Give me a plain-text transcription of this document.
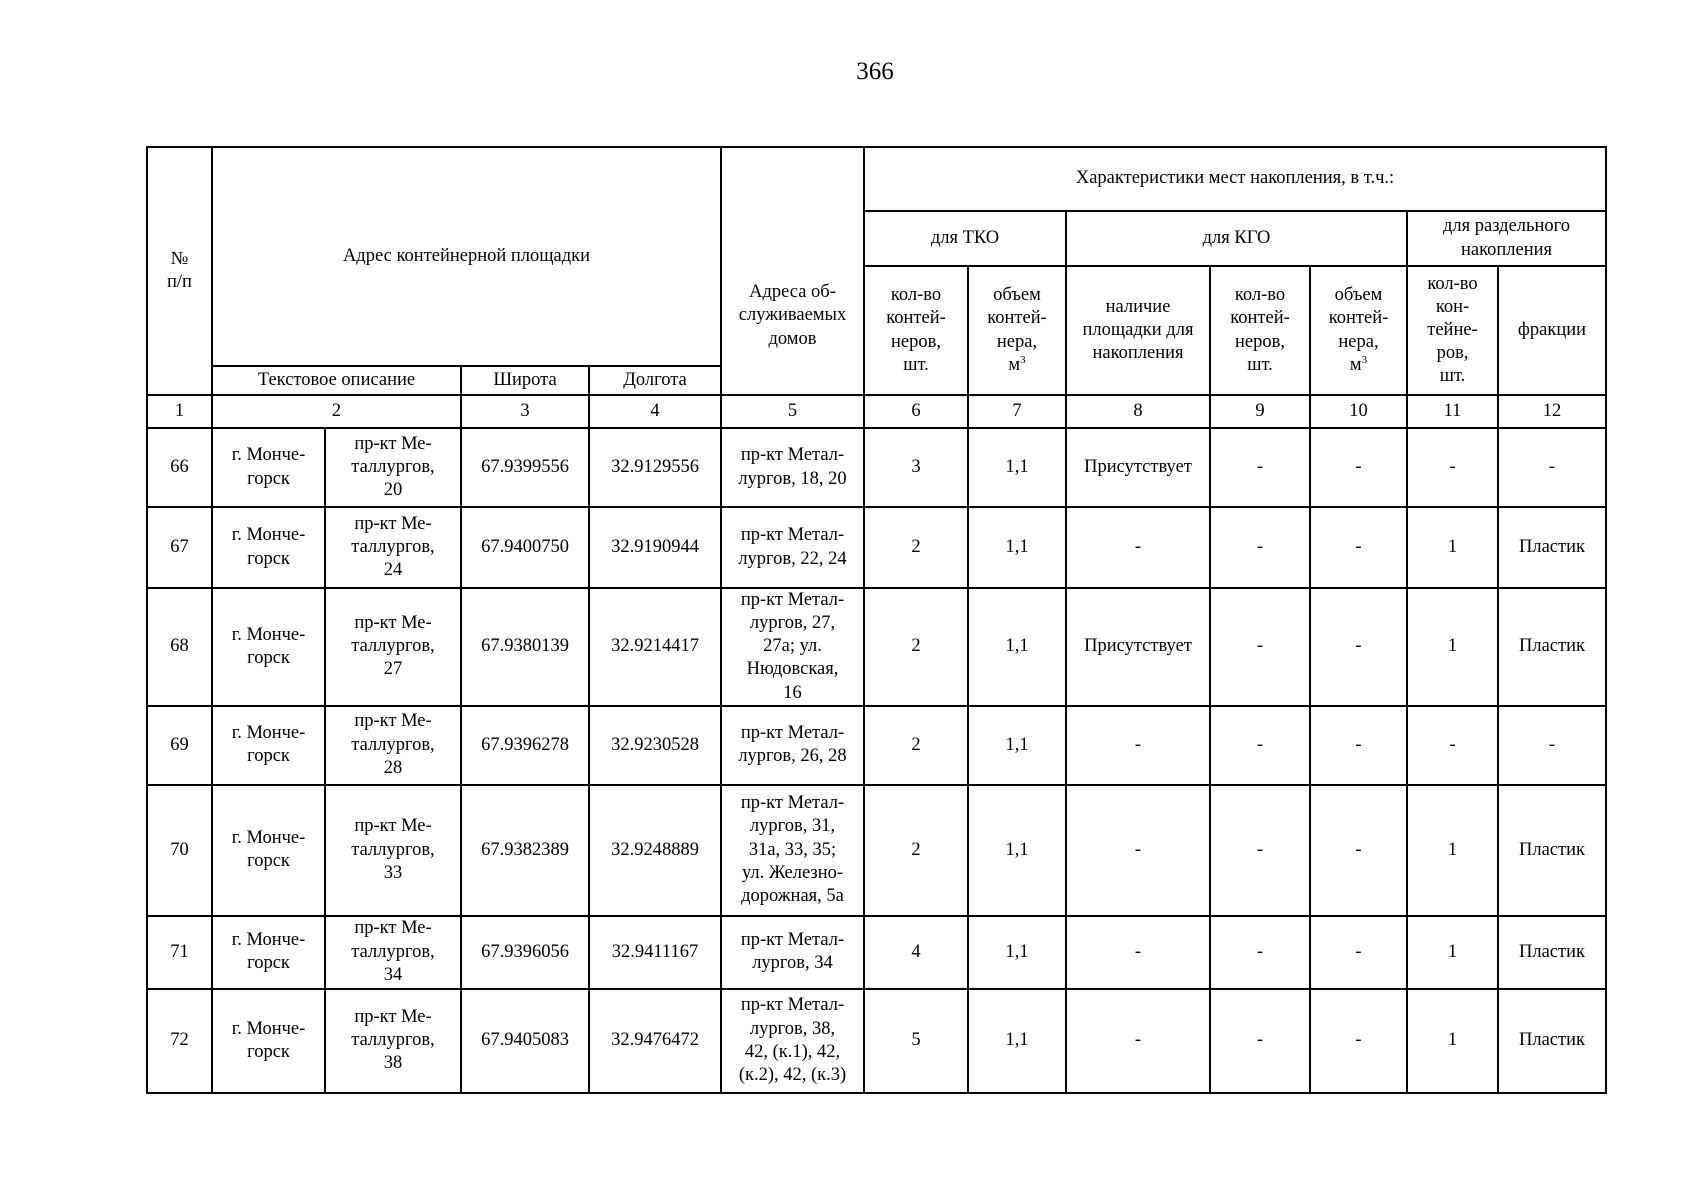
366
№
п/п	Адрес контейнерной площадки				Адреса об-
служиваемых
домов	Характеристики мест накопления, в т.ч.:						
						для ТКО		для КГО			для раздельного
накопления	
						кол-во
контей-
неров,
шт.	объем
контей-
нера,
$м^3$	наличие
площадки для
накопления	кол-во
контей-
неров,
шт.	объем
контей-
нера,
$м^3$	кол-во
кон-
тейне-
ров,
шт.	фракции
	Текстовое описание		Широта	Долгота								
1	2		3	4	5	6	7	8	9	10	11	12
66	г. Монче-
горск	пр-кт Ме-
таллургов,
20	67.9399556	32.9129556	пр-кт Метал-
лургов, 18, 20	3	1,1	Присутствует	-	-	-	-
67	г. Монче-
горск	пр-кт Ме-
таллургов,
24	67.9400750	32.9190944	пр-кт Метал-
лургов, 22, 24	2	1,1	-	-	-	1	Пластик
68	г. Монче-
горск	пр-кт Ме-
таллургов,
27	67.9380139	32.9214417	пр-кт Метал-
лургов, 27,
27а; ул.
Нюдовская,
16	2	1,1	Присутствует	-	-	1	Пластик
69	г. Монче-
горск	пр-кт Ме-
таллургов,
28	67.9396278	32.9230528	пр-кт Метал-
лургов, 26, 28	2	1,1	-	-	-	-	-
70	г. Монче-
горск	пр-кт Ме-
таллургов,
33	67.9382389	32.9248889	пр-кт Метал-
лургов, 31,
31а, 33, 35;
ул. Железно-
дорожная, 5а	2	1,1	-	-	-	1	Пластик
71	г. Монче-
горск	пр-кт Ме-
таллургов,
34	67.9396056	32.9411167	пр-кт Метал-
лургов, 34	4	1,1	-	-	-	1	Пластик
72	г. Монче-
горск	пр-кт Ме-
таллургов,
38	67.9405083	32.9476472	пр-кт Метал-
лургов, 38,
42, (к.1), 42,
(к.2), 42, (к.3)	5	1,1	-	-	-	1	Пластик
